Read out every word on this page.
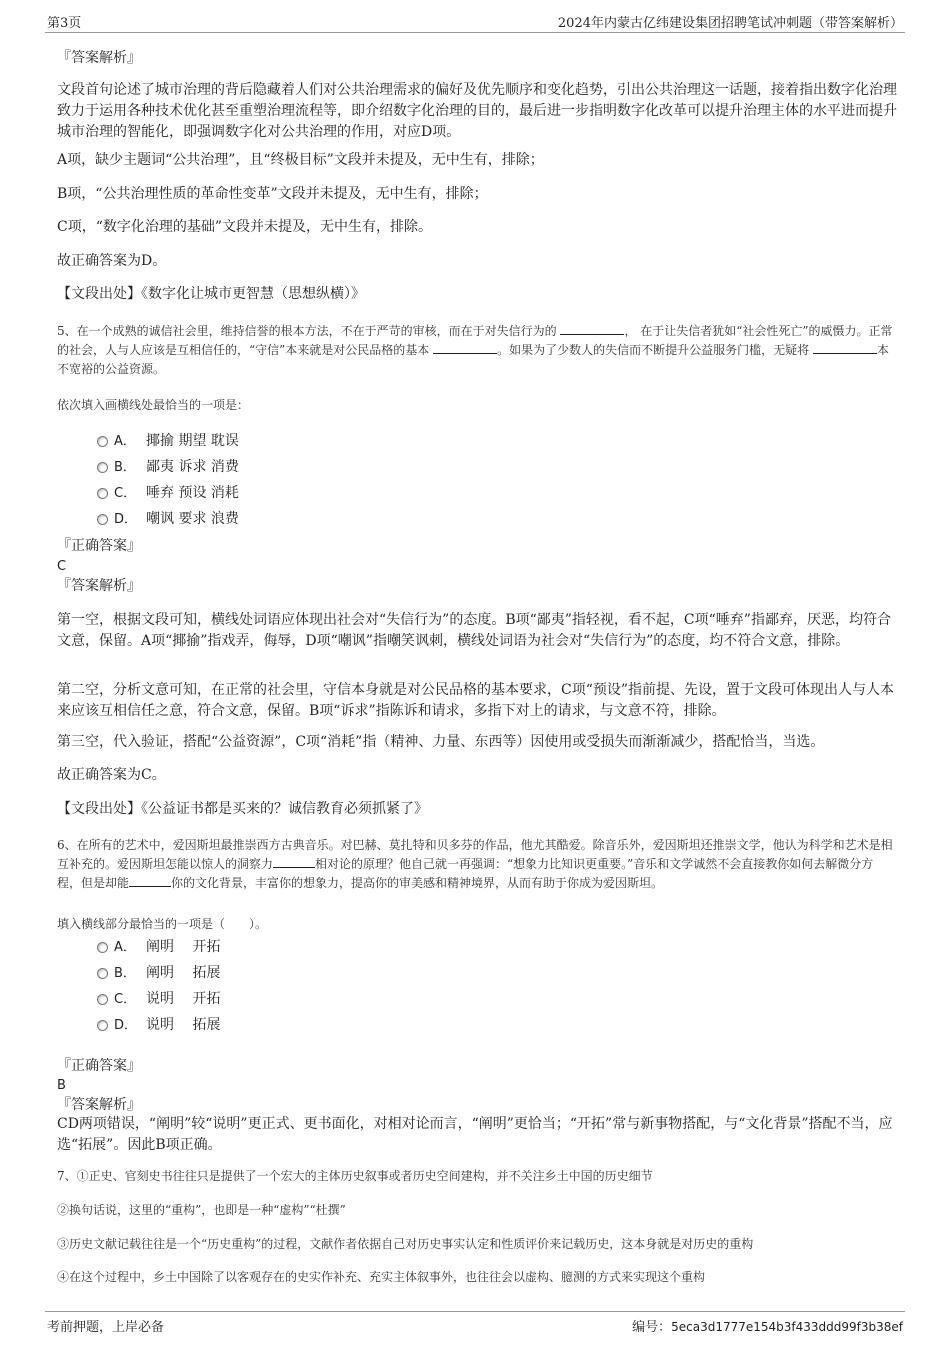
第3页	2024年内蒙古亿纬建设集团招聘笔试冲刺题（带答案解析）
『答案解析』
文段首句论述了城市治理的背后隐藏着人们对公共治理需求的偏好及优先顺序和变化趋势，引出公共治理这一话题，接着指出数字化治理致力于运用各种技术优化甚至重塑治理流程等，即介绍数字化治理的目的，最后进一步指明数字化改革可以提升治理主体的水平进而提升城市治理的智能化，即强调数字化对公共治理的作用，对应D项。
A项，缺少主题词“公共治理”，且“终极目标”文段并未提及，无中生有，排除；
B项，“公共治理性质的革命性变革”文段并未提及，无中生有，排除；
C项，“数字化治理的基础”文段并未提及，无中生有，排除。
故正确答案为D。
【文段出处】《数字化让城市更智慧（思想纵横）》
5、在一个成熟的诚信社会里，维持信誉的根本方法，不在于严苛的审核，而在于对失信行为的	， 在于让失信者犹如“社会性死亡”的威慑力。正常的社会，人与人应该是互相信任的，“守信”本来就是对公民品格的基本	。如果为了少数人的失信而不断提升公益服务门槛，无疑将	本不宽裕的公益资源。
依次填入画横线处最恰当的一项是：
A． 揶揄 期望 耽误
B． 鄙夷 诉求 消费
C． 唾弃 预设 消耗
D． 嘲讽 要求 浪费
『正确答案』
C
『答案解析』
第一空，根据文段可知，横线处词语应体现出社会对“失信行为”的态度。B项“鄙夷”指轻视，看不起，C项“唾弃”指鄙弃，厌恶，均符合文意，保留。A项“揶揄”指戏弄，侮辱，D项“嘲讽”指嘲笑讽刺，横线处词语为社会对“失信行为”的态度，均不符合文意，排除。
第二空，分析文意可知，在正常的社会里，守信本身就是对公民品格的基本要求，C项“预设”指前提、先设，置于文段可体现出人与人本来应该互相信任之意，符合文意，保留。B项“诉求”指陈诉和请求，多指下对上的请求，与文意不符，排除。
第三空，代入验证，搭配“公益资源”，C项“消耗”指（精神、力量、东西等）因使用或受损失而渐渐减少，搭配恰当，当选。
故正确答案为C。
【文段出处】《公益证书都是买来的？诚信教育必须抓紧了》
6、在所有的艺术中，爱因斯坦最推崇西方古典音乐。对巴赫、莫扎特和贝多芬的作品，他尤其酷爱。除音乐外，爱因斯坦还推崇文学，他认为科学和艺术是相互补充的。爱因斯坦怎能以惊人的洞察力	相对论的原理？他自己就一再强调：“想象力比知识更重要。”音乐和文学诚然不会直接教你如何去解微分方程，但是却能	你的文化背景，丰富你的想象力，提高你的审美感和精神境界，从而有助于你成为爱因斯坦。
填入横线部分最恰当的一项是（　　）。
A． 阐明　 开拓
B． 阐明　 拓展
C． 说明　 开拓
D． 说明　 拓展
『正确答案』
B
『答案解析』
CD两项错误，“阐明”较“说明”更正式、更书面化，对相对论而言，“阐明”更恰当；“开拓”常与新事物搭配，与“文化背景”搭配不当，应选“拓展”。因此B项正确。
7、①正史、官刻史书往往只是提供了一个宏大的主体历史叙事或者历史空间建构，并不关注乡土中国的历史细节
②换句话说，这里的“重构”，也即是一种“虚构”“杜撰”
③历史文献记载往往是一个“历史重构”的过程，文献作者依据自己对历史事实认定和性质评价来记载历史，这本身就是对历史的重构
④在这个过程中，乡土中国除了以客观存在的史实作补充、充实主体叙事外，也往往会以虚构、臆测的方式来实现这个重构
考前押题，上岸必备	编号：5eca3d1777e154b3f433ddd99f3b38ef
